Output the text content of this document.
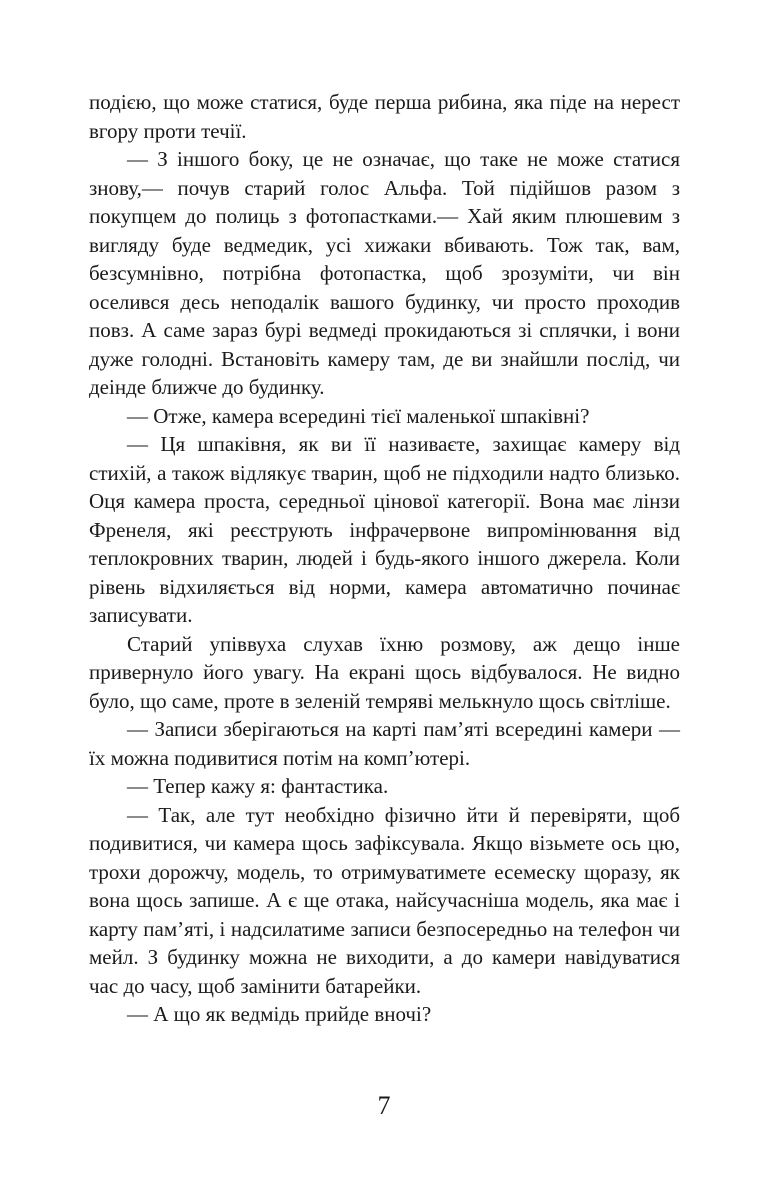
подією, що може статися, буде перша рибина, яка піде на нерест вгору проти течії.

— З іншого боку, це не означає, що таке не може статися знову,— почув старий голос Альфа. Той підійшов разом з покупцем до полиць з фотопастками.— Хай яким плюшевим з вигляду буде ведмедик, усі хижаки вбивають. Тож так, вам, безсумнівно, потрібна фотопастка, щоб зрозуміти, чи він оселився десь неподалік вашого будинку, чи просто проходив повз. А саме зараз бурі ведмеді прокидаються зі сплячки, і вони дуже голодні. Встановіть камеру там, де ви знайшли послід, чи деінде ближче до будинку.

— Отже, камера всередині тієї маленької шпаківні?

— Ця шпаківня, як ви її називаєте, захищає камеру від стихій, а також відлякує тварин, щоб не підходили надто близько. Оця камера проста, середньої цінової категорії. Вона має лінзи Френеля, які реєструють інфрачервоне випромінювання від теплокровних тварин, людей і будь-якого іншого джерела. Коли рівень відхиляється від норми, камера автоматично починає записувати.

Старий упіввуха слухав їхню розмову, аж дещо інше привернуло його увагу. На екрані щось відбувалося. Не видно було, що саме, проте в зеленій темряві мелькнуло щось світліше.

— Записи зберігаються на карті пам’яті всередині камери — їх можна подивитися потім на комп’ютері.

— Тепер кажу я: фантастика.

— Так, але тут необхідно фізично йти й перевіряти, щоб подивитися, чи камера щось зафіксувала. Якщо візьмете ось цю, трохи дорожчу, модель, то отримуватимете есемеску щоразу, як вона щось запише. А є ще отака, найсучасніша модель, яка має і карту пам’яті, і надсилатиме записи безпосередньо на телефон чи мейл. З будинку можна не виходити, а до камери навідуватися час до часу, щоб замінити батарейки.

— А що як ведмідь прийде вночі?

7
